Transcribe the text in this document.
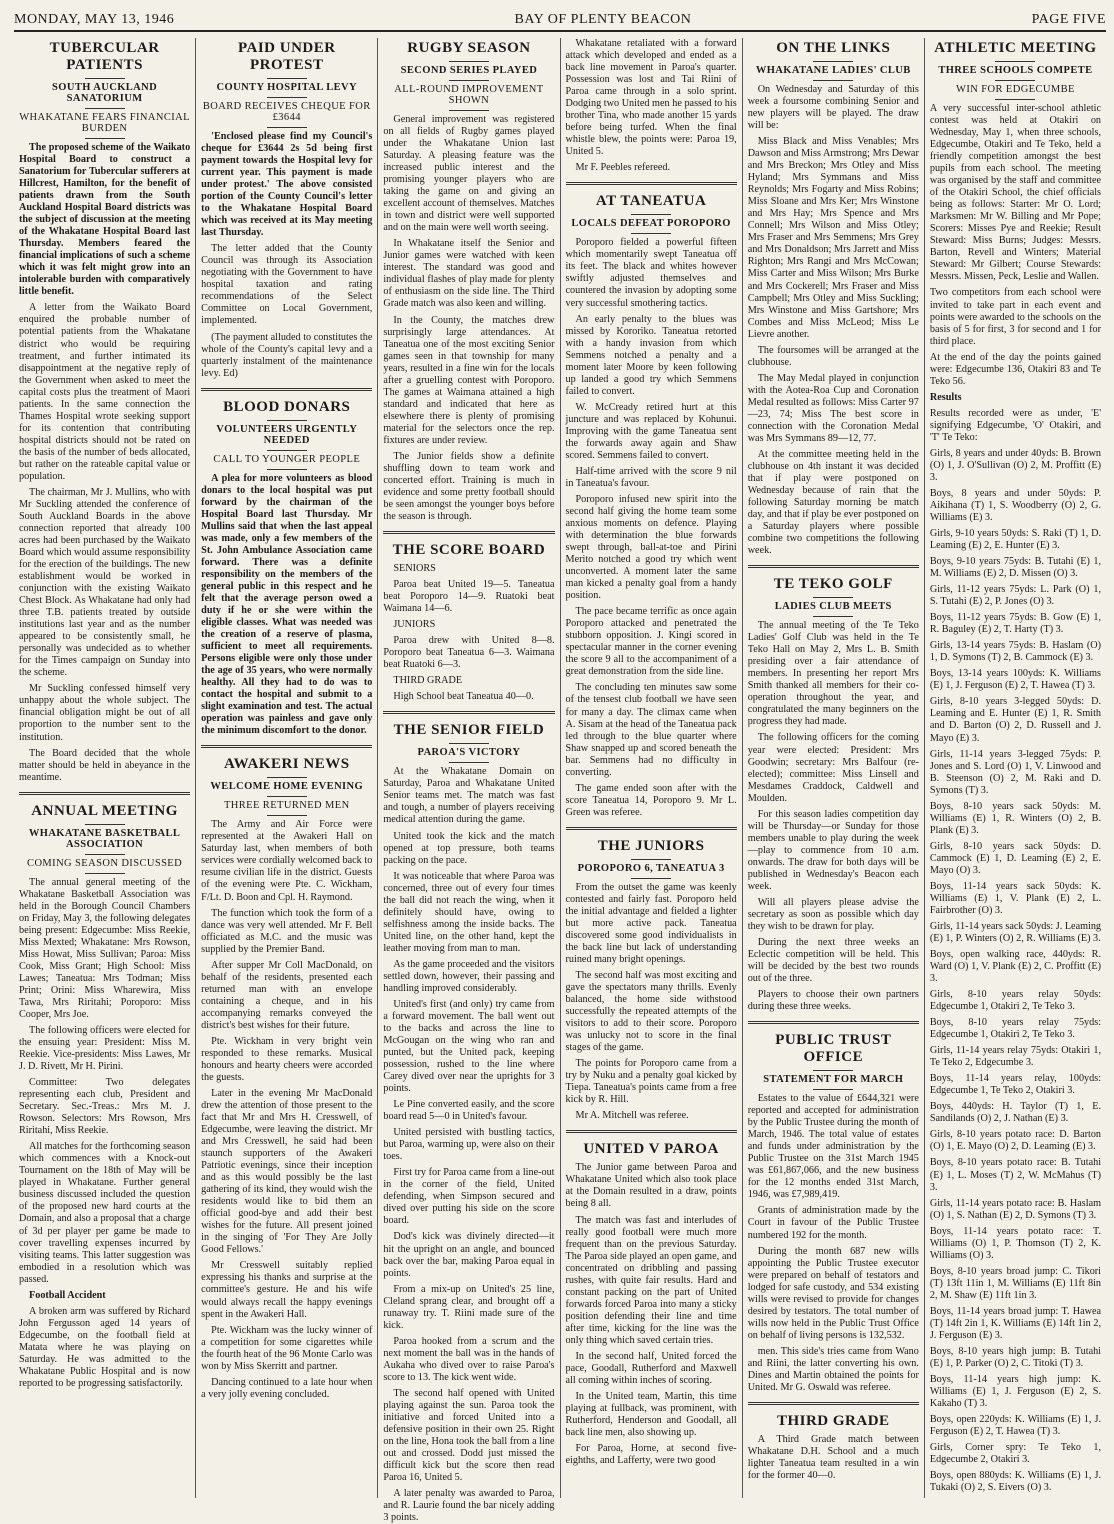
MONDAY, MAY 13, 1946	BAY OF PLENTY BEACON	PAGE FIVE
TUBERCULAR PATIENTS
SOUTH AUCKLAND SANATORIUM
WHAKATANE FEARS FINANCIAL BURDEN

The proposed scheme of the Waikato Hospital Board to construct a Sanatorium for Tubercular sufferers at Hillcrest, Hamilton, for the benefit of patients drawn from the South Auckland Hospital Board districts was the subject of discussion at the meeting of the Whakatane Hospital Board last Thursday. Members feared the financial implications of such a scheme which it was felt might grow into an intolerable burden with comparatively little benefit.

A letter from the Waikato Board enquired the probable number of potential patients from the Whakatane district who would be requiring treatment, and further intimated its disappointment at the negative reply of the Government when asked to meet the capital costs plus the treatment of Maori patients. In the same connection the Thames Hospital wrote seeking support for its contention that contributing hospital districts should not be rated on the basis of the number of beds allocated, but rather on the rateable capital value or population.

The chairman, Mr J. Mullins, who with Mr Suckling attended the conference of South Auckland Boards in the above connection reported that already 100 acres had been purchased by the Waikato Board which would assume responsibility for the erection of the buildings. The new establishment would be worked in conjunction with the existing Waikato Chest Block. As Whakatane had only had three T.B. patients treated by outside institutions last year and as the number appeared to be consistently small, he personally was undecided as to whether for the Times campaign on Sunday into the scheme.

Mr Suckling confessed himself very unhappy about the whole subject. The financial obligation might be out of all proportion to the number sent to the institution.

The Board decided that the whole matter should be held in abeyance in the meantime.

ANNUAL MEETING
WHAKATANE BASKETBALL ASSOCIATION
COMING SEASON DISCUSSED

The annual general meeting of the Whakatane Basketball Association was held in the Borough Council Chambers on Friday, May 3, the following delegates being present: Edgecumbe: Miss Reekie, Miss Mexted; Whakatane: Mrs Rowson, Miss Howat, Miss Sullivan; Paroa: Miss Cook, Miss Grant; High School: Miss Lawes; Taneatua: Mrs Todman; Miss Print; Orini: Miss Wharewira, Miss Tawa, Mrs Riritahi; Poroporo: Miss Cooper, Mrs Joe.

The following officers were elected for the ensuing year: President: Miss M. Reekie. Vice-presidents: Miss Lawes, Mr J. D. Rivett, Mr H. Pirini.

Committee: Two delegates representing each club, President and Secretary. Sec.-Treas.: Mrs M. J. Rowson. Selectors: Mrs Rowson, Mrs Riritahi, Miss Reekie.

All matches for the forthcoming season which commences with a Knock-out Tournament on the 18th of May will be played in Whakatane. Further general business discussed included the question of the proposed new hard courts at the Domain, and also a proposal that a charge of 3d per player per game be made to cover travelling expenses incurred by visiting teams. This latter suggestion was embodied in a resolution which was passed.

Football Accident

A broken arm was suffered by Richard John Fergusson aged 14 years of Edgecumbe, on the football field at Matata where he was playing on Saturday. He was admitted to the Whakatane Public Hospital and is now reported to be progressing satisfactorily.

PAID UNDER PROTEST
COUNTY HOSPITAL LEVY
BOARD RECEIVES CHEQUE FOR £3644

'Enclosed please find my Council's cheque for £3644 2s 5d being first payment towards the Hospital levy for current year. This payment is made under protest.' The above consisted portion of the County Council's letter to the Whakatane Hospital Board which was received at its May meeting last Thursday.

The letter added that the County Council was through its Association negotiating with the Government to have hospital taxation and rating recommendations of the Select Committee on Local Government, implemented.

(The payment alluded to constitutes the whole of the County's capital levy and a quarterly instalment of the maintenance levy. Ed)

BLOOD DONARS
VOLUNTEERS URGENTLY NEEDED
CALL TO YOUNGER PEOPLE

A plea for more volunteers as blood donars to the local hospital was put forward by the chairman of the Hospital Board last Thursday. Mr Mullins said that when the last appeal was made, only a few members of the St. John Ambulance Association came forward. There was a definite responsibility on the members of the general public in this respect and he felt that the average person owed a duty if he or she were within the eligible classes. What was needed was the creation of a reserve of plasma, sufficient to meet all requirements. Persons eligible were only those under the age of 35 years, who were normally healthy. All they had to do was to contact the hospital and submit to a slight examination and test. The actual operation was painless and gave only the minimum discomfort to the donor.

AWAKERI NEWS
WELCOME HOME EVENING
THREE RETURNED MEN

The Army and Air Force were represented at the Awakeri Hall on Saturday last, when members of both services were cordially welcomed back to resume civilian life in the district. Guests of the evening were Pte. C. Wickham, F/Lt. D. Boon and Cpl. H. Raymond.

The function which took the form of a dance was very well attended. Mr F. Bell officiated as M.C. and the music was supplied by the Premier Band.

After supper Mr Coll MacDonald, on behalf of the residents, presented each returned man with an envelope containing a cheque, and in his accompanying remarks conveyed the district's best wishes for their future.

Pte. Wickham in very bright vein responded to these remarks. Musical honours and hearty cheers were accorded the guests.

Later in the evening Mr MacDonald drew the attention of those present to the fact that Mr and Mrs H. Cresswell, of Edgecumbe, were leaving the district. Mr and Mrs Cresswell, he said had been staunch supporters of the Awakeri Patriotic evenings, since their inception and as this would possibly be the last gathering of its kind, they would wish the residents would like to bid them an official good-bye and add their best wishes for the future. All present joined in the singing of 'For They Are Jolly Good Fellows.'

Mr Cresswell suitably replied expressing his thanks and surprise at the committee's gesture. He and his wife would always recall the happy evenings spent in the Awakeri Hall.

Pte. Wickham was the lucky winner of a competition for some cigarettes while the fourth heat of the 96 Monte Carlo was won by Miss Skerritt and partner.

Dancing continued to a late hour when a very jolly evening concluded.

RUGBY SEASON
SECOND SERIES PLAYED
ALL-ROUND IMPROVEMENT SHOWN

General improvement was registered on all fields of Rugby games played under the Whakatane Union last Saturday. A pleasing feature was the increased public interest and the promising younger players who are taking the game on and giving an excellent account of themselves. Matches in town and district were well supported and on the main were well worth seeing.

In Whakatane itself the Senior and Junior games were watched with keen interest. The standard was good and individual flashes of play made for plenty of enthusiasm on the side line. The Third Grade match was also keen and willing.

In the County, the matches drew surprisingly large attendances. At Taneatua one of the most exciting Senior games seen in that township for many years, resulted in a fine win for the locals after a gruelling contest with Poroporo. The games at Waimana attained a high standard and indicated that here as elsewhere there is plenty of promising material for the selectors once the rep. fixtures are under review.

The Junior fields show a definite shuffling down to team work and concerted effort. Training is much in evidence and some pretty football should be seen amongst the younger boys before the season is through.

THE SCORE BOARD

SENIORS

Paroa beat United 19—5. Taneatua beat Poroporo 14—9. Ruatoki beat Waimana 14—6.

JUNIORS

Paroa drew with United 8—8. Poroporo beat Taneatua 6—3. Waimana beat Ruatoki 6—3.

THIRD GRADE

High School beat Taneatua 40—0.

THE SENIOR FIELD
PAROA'S VICTORY

At the Whakatane Domain on Saturday, Paroa and Whakatane United Senior teams met. The match was fast and tough, a number of players receiving medical attention during the game.

United took the kick and the match opened at top pressure, both teams packing on the pace.

It was noticeable that where Paroa was concerned, three out of every four times the ball did not reach the wing, when it definitely should have, owing to selfishness among the inside backs. The United line, on the other hand, kept the leather moving from man to man.

As the game proceeded and the visitors settled down, however, their passing and handling improved considerably.

United's first (and only) try came from a forward movement. The ball went out to the backs and across the line to McGougan on the wing who ran and punted, but the United pack, keeping possession, rushed to the line where Carey dived over near the uprights for 3 points.

Le Pine converted easily, and the score board read 5—0 in United's favour.

United persisted with bustling tactics, but Paroa, warming up, were also on their toes.

First try for Paroa came from a line-out in the corner of the field, United defending, when Simpson secured and dived over putting his side on the score board.

Dod's kick was divinely directed—it hit the upright on an angle, and bounced back over the bar, making Paroa equal in points.

From a mix-up on United's 25 line, Cleland sprang clear, and brought off a runaway try. T. Riini made sure of the kick.

Paroa hooked from a scrum and the next moment the ball was in the hands of Aukaha who dived over to raise Paroa's score to 13. The kick went wide.

The second half opened with United playing against the sun. Paroa took the initiative and forced United into a defensive position in their own 25. Right on the line, Hona took the ball from a line out and crossed. Dodd just missed the difficult kick but the score then read Paroa 16, United 5.

A later penalty was awarded to Paroa, and R. Laurie found the bar nicely adding 3 points.

Whakatane retaliated with a forward attack which developed and ended as a back line movement in Paroa's quarter. Possession was lost and Tai Riini of Paroa came through in a solo sprint. Dodging two United men he passed to his brother Tina, who made another 15 yards before being turfed. When the final whistle blew, the points were: Paroa 19, United 5.

Mr F. Peebles refereed.

AT TANEATUA
LOCALS DEFEAT POROPORO

Poroporo fielded a powerful fifteen which momentarily swept Taneatua off its feet. The black and whites however swiftly adjusted themselves and countered the invasion by adopting some very successful smothering tactics.

An early penalty to the blues was missed by Kororiko. Taneatua retorted with a handy invasion from which Semmens notched a penalty and a moment later Moore by keen following up landed a good try which Semmens failed to convert.

W. McCready retired hurt at this juncture and was replaced by Kohunui. Improving with the game Taneatua sent the forwards away again and Shaw scored. Semmens failed to convert.

Half-time arrived with the score 9 nil in Taneatua's favour.

Poroporo infused new spirit into the second half giving the home team some anxious moments on defence. Playing with determination the blue forwards swept through, ball-at-toe and Pirini Merito notched a good try which went unconverted. A moment later the same man kicked a penalty goal from a handy position.

The pace became terrific as once again Poroporo attacked and penetrated the stubborn opposition. J. Kingi scored in spectacular manner in the corner evening the score 9 all to the accompaniment of a great demonstration from the side line.

The concluding ten minutes saw some of the tensest club football we have seen for many a day. The climax came when A. Sisam at the head of the Taneatua pack led through to the blue quarter where Shaw snapped up and scored beneath the bar. Semmens had no difficulty in converting.

The game ended soon after with the score Taneatua 14, Poroporo 9. Mr L. Green was referee.

THE JUNIORS
POROPORO 6, TANEATUA 3

From the outset the game was keenly contested and fairly fast. Poroporo held the initial advantage and fielded a lighter but more active pack. Taneatua discovered some good individualists in the back line but lack of understanding ruined many bright openings.

The second half was most exciting and gave the spectators many thrills. Evenly balanced, the home side withstood successfully the repeated attempts of the visitors to add to their score. Poroporo was unlucky not to score in the final stages of the game.

The points for Poroporo came from a try by Nuku and a penalty goal kicked by Tiepa. Taneatua's points came from a free kick by R. Hill.

Mr A. Mitchell was referee.

UNITED V PAROA

The Junior game between Paroa and Whakatane United which also took place at the Domain resulted in a draw, points being 8 all.

The match was fast and interludes of really good football were much more frequent than on the previous Saturday. The Paroa side played an open game, and concentrated on dribbling and passing rushes, with quite fair results. Hard and constant packing on the part of United forwards forced Paroa into many a sticky position defending their line and time after time, kicking for the line was the only thing which saved certain tries.

In the second half, United forced the pace, Goodall, Rutherford and Maxwell all coming within inches of scoring.

In the United team, Martin, this time playing at fullback, was prominent, with Rutherford, Henderson and Goodall, all back line men, also showing up.

For Paroa, Horne, at second five-eighths, and Lafferty, were two good

ON THE LINKS
WHAKATANE LADIES' CLUB

On Wednesday and Saturday of this week a foursome combining Senior and new players will be played. The draw will be:

Miss Black and Miss Venables; Mrs Dawson and Miss Armstrong; Mrs Dewar and Mrs Breckon; Mrs Otley and Miss Hyland; Mrs Symmans and Miss Reynolds; Mrs Fogarty and Miss Robins; Miss Sloane and Mrs Ker; Mrs Winstone and Mrs Hay; Mrs Spence and Mrs Connell; Mrs Wilson and Miss Otley; Mrs Fraser and Mrs Semmens; Mrs Grey and Mrs Donaldson; Mrs Jarrett and Miss Righton; Mrs Rangi and Mrs McCowan; Miss Carter and Miss Wilson; Mrs Burke and Mrs Cockerell; Mrs Fraser and Miss Campbell; Mrs Otley and Miss Suckling; Mrs Winstone and Miss Gartshore; Mrs Combes and Miss McLeod; Miss Le Lievre another.

The foursomes will be arranged at the clubhouse.

The May Medal played in conjunction with the Aotea-Roa Cup and Coronation Medal resulted as follows: Miss Carter 97—23, 74; Miss The best score in connection with the Coronation Medal was Mrs Symmans 89—12, 77.

At the committee meeting held in the clubhouse on 4th instant it was decided that if play were postponed on Wednesday because of rain that the following Saturday morning be match day, and that if play be ever postponed on a Saturday players where possible combine two competitions the following week.

TE TEKO GOLF
LADIES CLUB MEETS

The annual meeting of the Te Teko Ladies' Golf Club was held in the Te Teko Hall on May 2, Mrs L. B. Smith presiding over a fair attendance of members. In presenting her report Mrs Smith thanked all members for their co-operation throughout the year, and congratulated the many beginners on the progress they had made.

The following officers for the coming year were elected: President: Mrs Goodwin; secretary: Mrs Balfour (re-elected); committee: Miss Linsell and Mesdames Craddock, Caldwell and Moulden.

For this season ladies competition day will be Thursday—or Sunday for those members unable to play during the week—play to commence from 10 a.m. onwards. The draw for both days will be published in Wednesday's Beacon each week.

Will all players please advise the secretary as soon as possible which day they wish to be drawn for play.

During the next three weeks an Eclectic competition will be held. This will be decided by the best two rounds out of the three.

Players to choose their own partners during these three weeks.

PUBLIC TRUST OFFICE
STATEMENT FOR MARCH

Estates to the value of £644,321 were reported and accepted for administration by the Public Trustee during the month of March, 1946. The total value of estates and funds under administration by the Public Trustee on the 31st March 1945 was £61,867,066, and the new business for the 12 months ended 31st March, 1946, was £7,989,419.

Grants of administration made by the Court in favour of the Public Trustee numbered 192 for the month.

During the month 687 new wills appointing the Public Trustee executor were prepared on behalf of testators and lodged for safe custody, and 534 existing wills were revised to provide for changes desired by testators. The total number of wills now held in the Public Trust Office on behalf of living persons is 132,532.

men. This side's tries came from Wano and Riini, the latter converting his own. Dines and Martin obtained the points for United. Mr G. Oswald was referee.

THIRD GRADE

A Third Grade match between Whakatane D.H. School and a much lighter Taneatua team resulted in a win for the former 40—0.

ATHLETIC MEETING
THREE SCHOOLS COMPETE
WIN FOR EDGECUMBE

A very successful inter-school athletic contest was held at Otakiri on Wednesday, May 1, when three schools, Edgecumbe, Otakiri and Te Teko, held a friendly competition amongst the best pupils from each school. The meeting was organised by the staff and committee of the Otakiri School, the chief officials being as follows: Starter: Mr O. Lord; Marksmen: Mr W. Billing and Mr Pope; Scorers: Misses Pye and Reekie; Result Steward: Miss Burns; Judges: Messrs. Barton, Revell and Winters; Material Steward: Mr Gilbert; Course Stewards: Messrs. Missen, Peck, Leslie and Wallen.

Two competitors from each school were invited to take part in each event and points were awarded to the schools on the basis of 5 for first, 3 for second and 1 for third place.

At the end of the day the points gained were: Edgecumbe 136, Otakiri 83 and Te Teko 56.

Results

Results recorded were as under, 'E' signifying Edgecumbe, 'O' Otakiri, and 'T' Te Teko:

Girls, 8 years and under 40yds: B. Brown (O) 1, J. O'Sullivan (O) 2, M. Proffitt (E) 3.

Boys, 8 years and under 50yds: P. Aikihana (T) 1, S. Woodberry (O) 2, G. Williams (E) 3.

Girls, 9-10 years 50yds: S. Raki (T) 1, D. Leaming (E) 2, E. Hunter (E) 3.

Boys, 9-10 years 75yds: B. Tutahi (E) 1, M. Williams (E) 2, D. Missen (O) 3.

Girls, 11-12 years 75yds: L. Park (O) 1, S. Tutahi (E) 2, P. Jones (O) 3.

Boys, 11-12 years 75yds: B. Gow (E) 1, R. Baguley (E) 2, T. Harty (T) 3.

Girls, 13-14 years 75yds: B. Haslam (O) 1, D. Symons (T) 2, B. Cammock (E) 3.

Boys, 13-14 years 100yds: K. Williams (E) 1, J. Ferguson (E) 2, T. Hawea (T) 3.

Girls, 8-10 years 3-legged 50yds: D. Leaming and E. Hunter (E) 1, R. Smith and D. Barton (O) 2, D. Russell and J. Mayo (E) 3.

Girls, 11-14 years 3-legged 75yds: P. Jones and S. Lord (O) 1, V. Linwood and B. Steenson (O) 2, M. Raki and D. Symons (T) 3.

Boys, 8-10 years sack 50yds: M. Williams (E) 1, R. Winters (O) 2, B. Plank (E) 3.

Girls, 8-10 years sack 50yds: D. Cammock (E) 1, D. Leaming (E) 2, E. Mayo (O) 3.

Boys, 11-14 years sack 50yds: K. Williams (E) 1, V. Plank (E) 2, L. Fairbrother (O) 3.

Girls, 11-14 years sack 50yds: J. Leaming (E) 1, P. Winters (O) 2, R. Williams (E) 3.

Boys, open walking race, 440yds: R. Ward (O) 1, V. Plank (E) 2, C. Proffitt (E) 3.

Girls, 8-10 years relay 50yds: Edgecumbe 1, Otakiri 2, Te Teko 3.

Boys, 8-10 years relay 75yds: Edgecumbe 1, Otakiri 2, Te Teko 3.

Girls, 11-14 years relay 75yds: Otakiri 1, Te Teko 2, Edgecumbe 3.

Boys, 11-14 years relay, 100yds: Edgecumbe 1, Te Teko 2, Otakiri 3.

Boys, 440yds: H. Taylor (T) 1, E. Sandilands (O) 2, J. Nathan (E) 3.

Girls, 8-10 years potato race: D. Barton (O) 1, E. Mayo (O) 2, D. Leaming (E) 3.

Boys, 8-10 years potato race: B. Tutahi (E) 1, L. Moses (T) 2, W. McMahus (T) 3.

Girls, 11-14 years potato race: B. Haslam (O) 1, S. Nathan (E) 2, D. Symons (T) 3.

Boys, 11-14 years potato race: T. Williams (O) 1, P. Thomson (T) 2, K. Williams (O) 3.

Boys, 8-10 years broad jump: C. Tikori (T) 13ft 11in 1, M. Williams (E) 11ft 8in 2, M. Shaw (E) 11ft 1in 3.

Boys, 11-14 years broad jump: T. Hawea (T) 14ft 2in 1, K. Williams (E) 14ft 1in 2, J. Ferguson (E) 3.

Boys, 8-10 years high jump: B. Tutahi (E) 1, P. Parker (O) 2, C. Titoki (T) 3.

Boys, 11-14 years high jump: K. Williams (E) 1, J. Ferguson (E) 2, S. Kakaho (T) 3.

Boys, open 220yds: K. Williams (E) 1, J. Ferguson (E) 2, T. Hawea (T) 3.

Girls, Corner spry: Te Teko 1, Edgecumbe 2, Otakiri 3.

Boys, open 880yds: K. Williams (E) 1, J. Tukaki (O) 2, S. Eivers (O) 3.
